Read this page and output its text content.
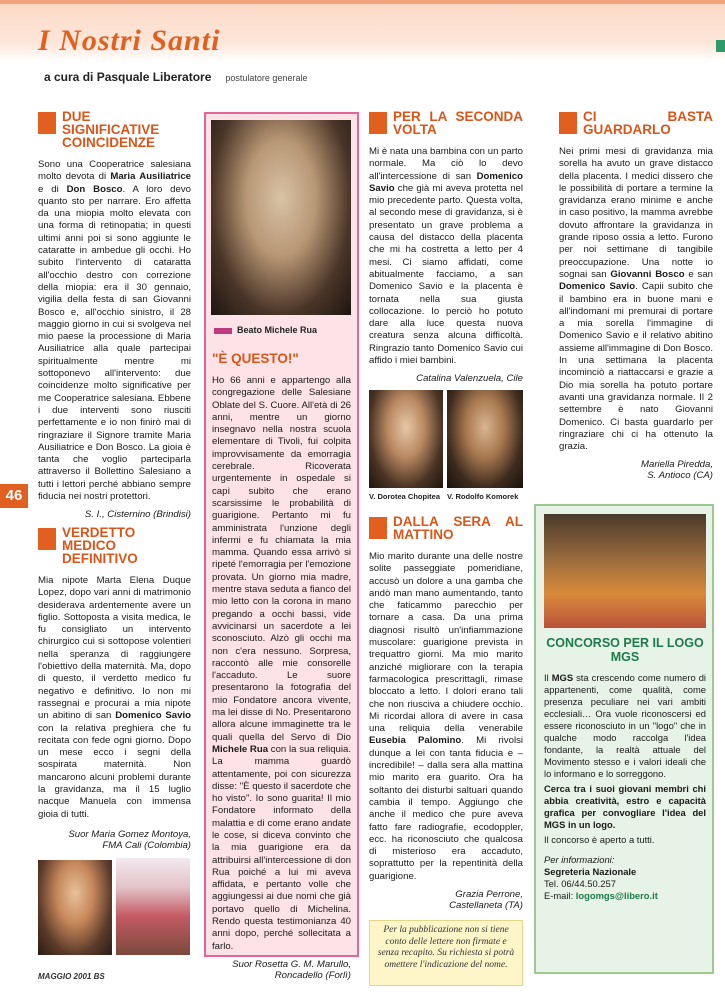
I Nostri Santi
a cura di Pasquale Liberatore postulatore generale
46
DUE SIGNIFICATIVE COINCIDENZE

Sono una Cooperatrice salesiana molto devota di Maria Ausiliatrice e di Don Bosco. A loro devo quanto sto per narrare. Ero affetta da una miopia molto elevata con una forma di retinopatia; in questi ultimi anni poi si sono aggiunte le cataratte in ambedue gli occhi. Ho subito l'intervento di cataratta all'occhio destro con correzione della miopia: era il 30 gennaio, vigilia della festa di san Giovanni Bosco e, all'occhio sinistro, il 28 maggio giorno in cui si svolgeva nel mio paese la processione di Maria Ausiliatrice alla quale partecipai spiritualmente mentre mi sottoponevo all'intervento: due coincidenze molto significative per me Cooperatrice salesiana. Ebbene i due interventi sono riusciti perfettamente e io non finirò mai di ringraziare il Signore tramite Maria Ausiliatrice e Don Bosco. La gioia è tanta che voglio parteciparla attraverso il Bollettino Salesiano a tutti i lettori perché abbiano sempre fiducia nei nostri protettori.

S. I., Cisternino (Brindisi)
VERDETTO MEDICO DEFINITIVO

Mia nipote Marta Elena Duque Lopez, dopo vari anni di matrimonio desiderava ardentemente avere un figlio. Sottoposta a visita medica, le fu consigliato un intervento chirurgico cui si sottopose volentieri nella speranza di raggiungere l'obiettivo della maternità. Ma, dopo di questo, il verdetto medico fu negativo e definitivo. Io non mi rassegnai e procurai a mia nipote un abitino di san Domenico Savio con la relativa preghiera che fu recitata con fede ogni giorno. Dopo un mese ecco i segni della sospirata maternità. Non mancarono alcuni problemi durante la gravidanza, ma il 15 luglio nacque Manuela con immensa gioia di tutti.

Suor Maria Gomez Montoya,
FMA Cali (Colombia)
MAGGIO 2001 BS
Beato Michele Rua
"È QUESTO!"

Ho 66 anni e appartengo alla congregazione delle Salesiane Oblate del S. Cuore. All'età di 26 anni, mentre un giorno insegnavo nella nostra scuola elementare di Tivoli, fui colpita improvvisamente da emorragia cerebrale. Ricoverata urgentemente in ospedale si capì subito che erano scarsissime le probabilità di guarigione. Pertanto mi fu amministrata l'unzione degli infermi e fu chiamata la mia mamma. Quando essa arrivò si ripeté l'emorragia per l'emozione provata. Un giorno mia madre, mentre stava seduta a fianco del mio letto con la corona in mano pregando a occhi bassi, vide avvicinarsi un sacerdote a lei sconosciuto. Alzò gli occhi ma non c'era nessuno. Sorpresa, raccontò alle mie consorelle l'accaduto. Le suore presentarono la fotografia del mio Fondatore ancora vivente, ma lei disse di No. Presentarono allora alcune immaginette tra le quali quella del Servo di Dio Michele Rua con la sua reliquia. La mamma guardò attentamente, poi con sicurezza disse: "È questo il sacerdote che ho visto". Io sono guarita! Il mio Fondatore informato della malattia e di come erano andate le cose, si diceva convinto che la mia guarigione era da attribuirsi all'intercessione di don Rua poiché a lui mi aveva affidata, e pertanto volle che aggiungessi ai due nomi che già portavo quello di Michelina. Rendo questa testimonianza 40 anni dopo, perché sollecitata a farlo.

Suor Rosetta G. M. Marullo,
Roncadello (Forlì)
PER LA SECONDA VOLTA

Mi è nata una bambina con un parto normale. Ma ciò lo devo all'intercessione di san Domenico Savio che già mi aveva protetta nel mio precedente parto. Questa volta, al secondo mese di gravidanza, si è presentato un grave problema a causa del distacco della placenta che mi ha costretta a letto per 4 mesi. Ci siamo affidati, come abitualmente facciamo, a san Domenico Savio e la placenta è tornata nella sua giusta collocazione. Io perciò ho potuto dare alla luce questa nuova creatura senza alcuna difficoltà. Ringrazio tanto Domenico Savio cui affido i miei bambini.

Catalina Valenzuela, Cile
V. Dorotea Chopitea V. Rodolfo Komorek
DALLA SERA AL MATTINO

Mio marito durante una delle nostre solite passeggiate pomeridiane, accusò un dolore a una gamba che andò man mano aumentando, tanto che faticammo parecchio per tornare a casa. Da una prima diagnosi risultò un'infiammazione muscolare: guarigione prevista in trequattro giorni. Ma mio marito anziché migliorare con la terapia farmacologica prescrittagli, rimase bloccato a letto. I dolori erano tali che non riusciva a chiudere occhio. Mi ricordai allora di avere in casa una reliquia della venerabile Eusebia Palomino. Mi rivolsi dunque a lei con tanta fiducia e – incredibile! – dalla sera alla mattina mio marito era guarito. Ora ha soltanto dei disturbi saltuari quando cambia il tempo. Aggiungo che anche il medico che pure aveva fatto fare radiografie, ecodoppler, ecc. ha riconosciuto che qualcosa di misterioso era accaduto, soprattutto per la repentinità della guarigione.

Grazia Perrone,
Castellaneta (TA)
Per la pubblicazione non si tiene conto delle lettere non firmate e senza recapito. Su richiesta si potrà omettere l'indicazione del nome.
CI BASTA GUARDARLO

Nei primi mesi di gravidanza mia sorella ha avuto un grave distacco della placenta. I medici dissero che le possibilità di portare a termine la gravidanza erano minime e anche in caso positivo, la mamma avrebbe dovuto affrontare la gravidanza in grande riposo ossia a letto. Furono per noi settimane di tangibile preoccupazione. Una notte io sognai san Giovanni Bosco e san Domenico Savio. Capii subito che il bambino era in buone mani e all'indomani mi premurai di portare a mia sorella l'immagine di Domenico Savio e il relativo abitino assieme all'immagine di Don Bosco. In una settimana la placenta incominciò a riattaccarsi e grazie a Dio mia sorella ha potuto portare avanti una gravidanza normale. Il 2 settembre è nato Giovanni Domenico. Ci basta guardarlo per ringraziare chi ci ha ottenuto la grazia.

Mariella Piredda,
S. Antioco (CA)
CONCORSO PER IL LOGO MGS

Il MGS sta crescendo come numero di appartenenti, come qualità, come presenza peculiare nei vari ambiti ecclesiali… Ora vuole riconoscersi ed essere riconosciuto in un "logo" che in qualche modo raccolga l'idea fondante, la realtà attuale del Movimento stesso e i valori ideali che lo informano e lo sorreggono.

Cerca tra i suoi giovani membri chi abbia creatività, estro e capacità grafica per convogliare l'idea del MGS in un logo.

Il concorso è aperto a tutti.

Per informazioni:

Segreteria Nazionale

Tel. 06/44.50.257

E-mail: logomgs@libero.it
